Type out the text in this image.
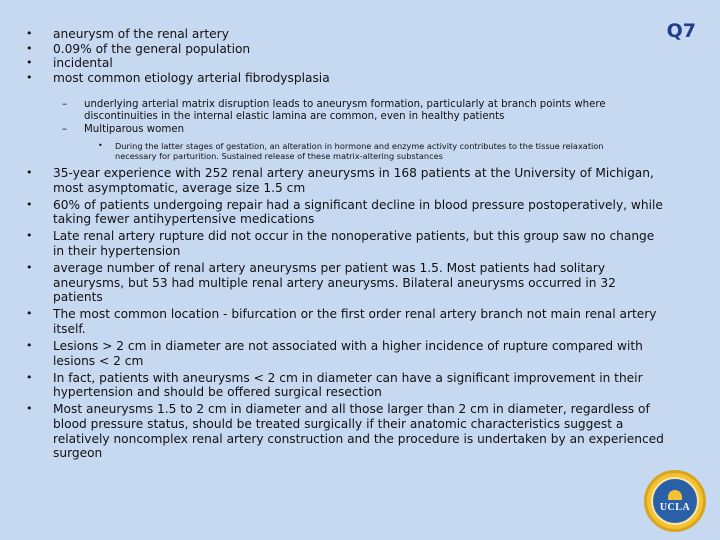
Q7
• aneurysm of the renal artery
• 0.09% of the general population
• incidental
• most common etiology arterial fibrodysplasia
– underlying arterial matrix disruption leads to aneurysm formation, particularly at branch points where discontinuities in the internal elastic lamina are common, even in healthy patients
– Multiparous women
• During the latter stages of gestation, an alteration in hormone and enzyme activity contributes to the tissue relaxation necessary for parturition. Sustained release of these matrix-altering substances
• 35-year experience with 252 renal artery aneurysms in 168 patients at the University of Michigan, most asymptomatic, average size 1.5 cm
• 60% of patients undergoing repair had a significant decline in blood pressure postoperatively, while taking fewer antihypertensive medications
• Late renal artery rupture did not occur in the nonoperative patients, but this group saw no change in their hypertension
• average number of renal artery aneurysms per patient was 1.5. Most patients had solitary aneurysms, but 53 had multiple renal artery aneurysms. Bilateral aneurysms occurred in 32 patients
• The most common location - bifurcation or the first order renal artery branch not main renal artery itself.
• Lesions > 2 cm in diameter are not associated with a higher incidence of rupture compared with lesions < 2 cm
• In fact, patients with aneurysms < 2 cm in diameter can have a significant improvement in their hypertension and should be offered surgical resection
• Most aneurysms 1.5 to 2 cm in diameter and all those larger than 2 cm in diameter, regardless of blood pressure status, should be treated surgically if their anatomic characteristics suggest a relatively noncomplex renal artery construction and the procedure is undertaken by an experienced surgeon
UCLA
